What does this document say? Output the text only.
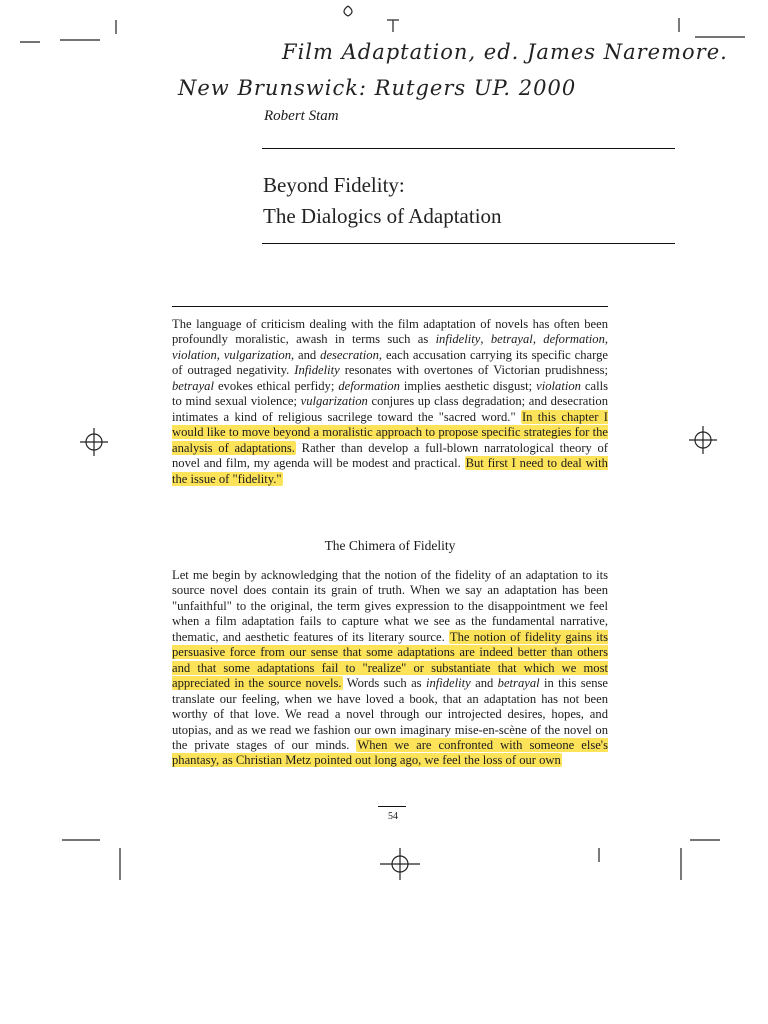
Film Adaptation, ed. James Naremore.
New Brunswick: Rutgers UP. 2000
Robert Stam
Beyond Fidelity:
The Dialogics of Adaptation
The language of criticism dealing with the film adaptation of novels has often been profoundly moralistic, awash in terms such as infidelity, betrayal, deformation, violation, vulgarization, and desecration, each accusation carrying its specific charge of outraged negativity. Infidelity resonates with overtones of Victorian prudishness; betrayal evokes ethical perfidy; deformation implies aesthetic disgust; violation calls to mind sexual violence; vulgarization conjures up class degradation; and desecration intimates a kind of religious sacrilege toward the "sacred word." In this chapter I would like to move beyond a moralistic approach to propose specific strategies for the analysis of adaptations. Rather than develop a full-blown narratological theory of novel and film, my agenda will be modest and practical. But first I need to deal with the issue of "fidelity."
The Chimera of Fidelity
Let me begin by acknowledging that the notion of the fidelity of an adaptation to its source novel does contain its grain of truth. When we say an adaptation has been "unfaithful" to the original, the term gives expression to the disappointment we feel when a film adaptation fails to capture what we see as the fundamental narrative, thematic, and aesthetic features of its literary source. The notion of fidelity gains its persuasive force from our sense that some adaptations are indeed better than others and that some adaptations fail to "realize" or substantiate that which we most appreciated in the source novels. Words such as infidelity and betrayal in this sense translate our feeling, when we have loved a book, that an adaptation has not been worthy of that love. We read a novel through our introjected desires, hopes, and utopias, and as we read we fashion our own imaginary mise-en-scène of the novel on the private stages of our minds. When we are confronted with someone else's phantasy, as Christian Metz pointed out long ago, we feel the loss of our own
54
